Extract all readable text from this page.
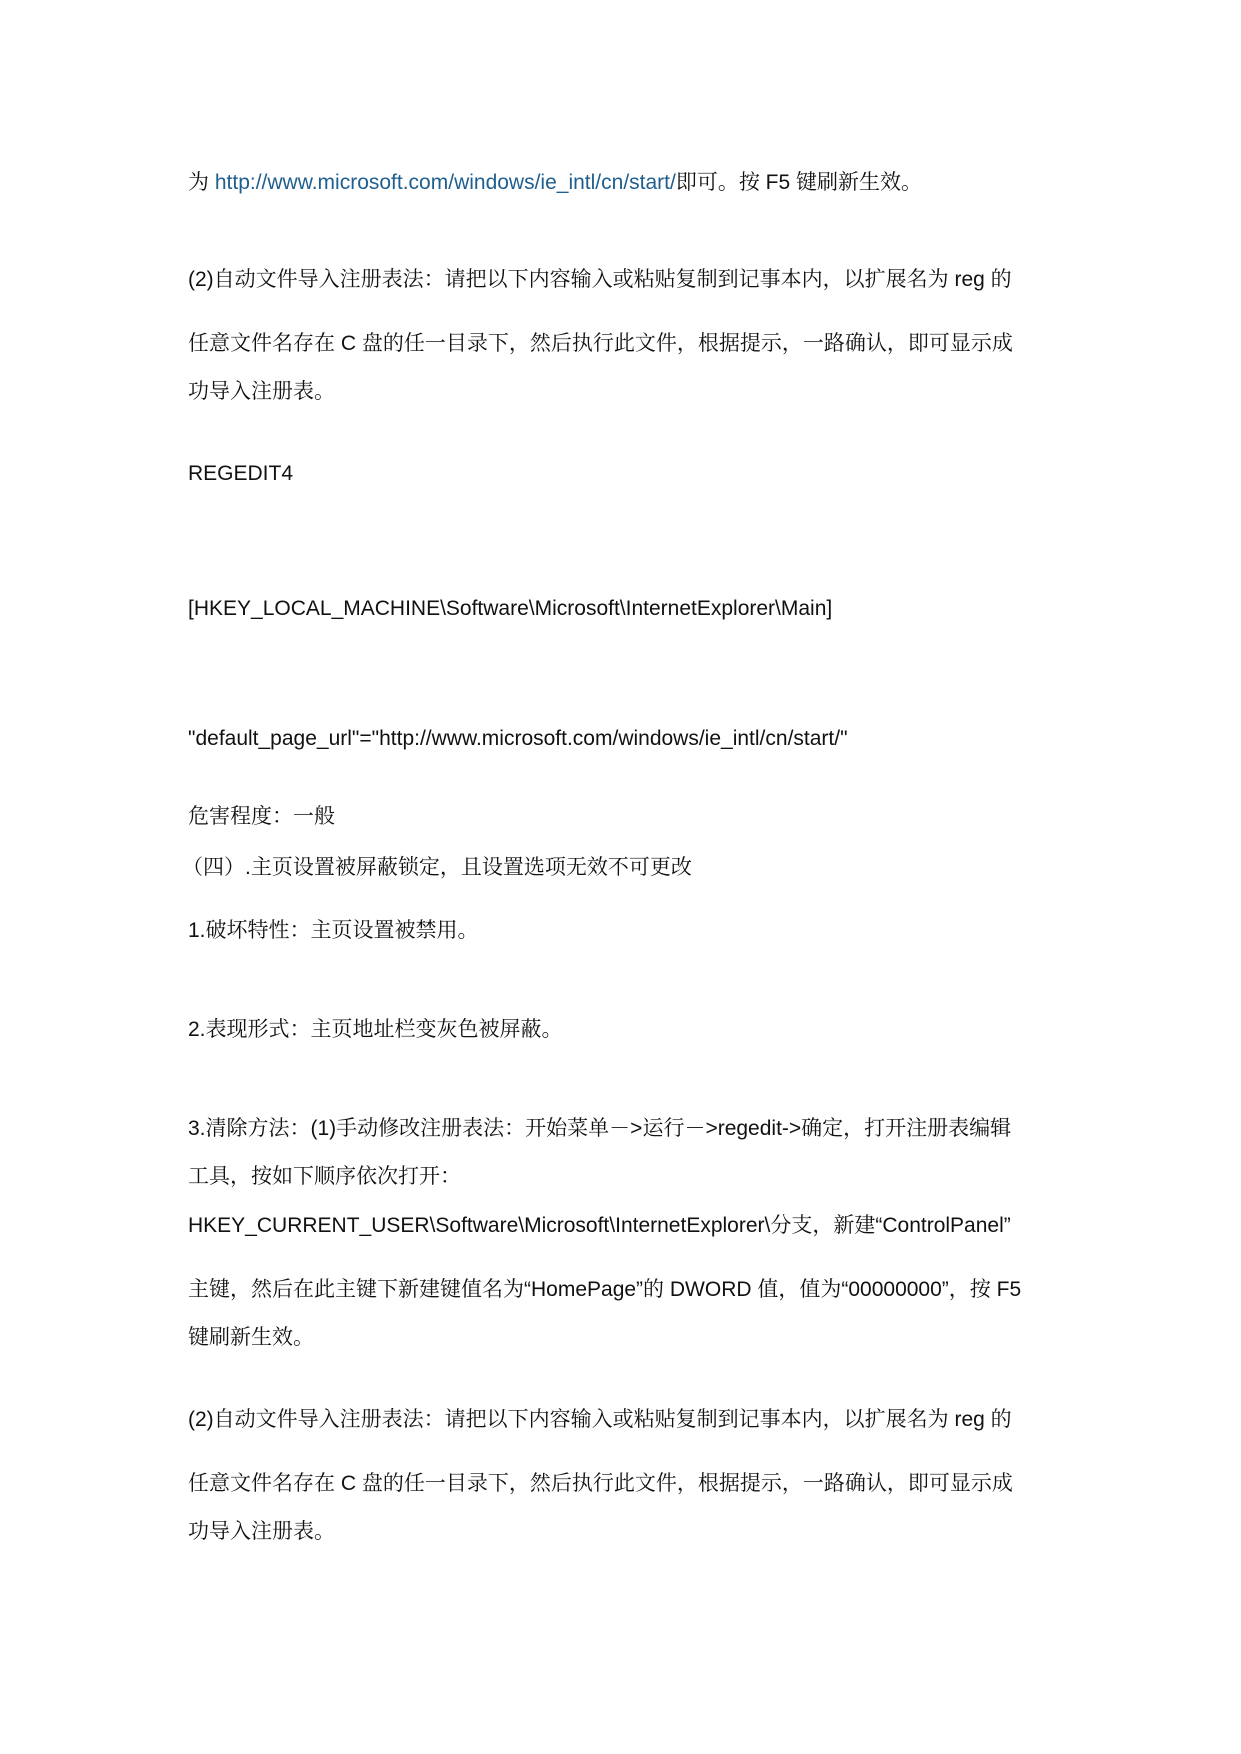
为 http://www.microsoft.com/windows/ie_intl/cn/start/即可。按 F5 键刷新生效。
(2)自动文件导入注册表法：请把以下内容输入或粘贴复制到记事本内，以扩展名为 reg 的
任意文件名存在 C 盘的任一目录下，然后执行此文件，根据提示，一路确认，即可显示成
功导入注册表。
REGEDIT4
[HKEY_LOCAL_MACHINE\Software\Microsoft\InternetExplorer\Main]
"default_page_url"="http://www.microsoft.com/windows/ie_intl/cn/start/"
危害程度：一般
（四）.主页设置被屏蔽锁定，且设置选项无效不可更改
1.破坏特性：主页设置被禁用。
2.表现形式：主页地址栏变灰色被屏蔽。
3.清除方法：(1)手动修改注册表法：开始菜单－>运行－>regedit->确定，打开注册表编辑
工具，按如下顺序依次打开：
HKEY_CURRENT_USER\Software\Microsoft\InternetExplorer\分支，新建“ControlPanel”
主键，然后在此主键下新建键值名为“HomePage”的 DWORD 值，值为“00000000”，按 F5
键刷新生效。
(2)自动文件导入注册表法：请把以下内容输入或粘贴复制到记事本内，以扩展名为 reg 的
任意文件名存在 C 盘的任一目录下，然后执行此文件，根据提示，一路确认，即可显示成
功导入注册表。
